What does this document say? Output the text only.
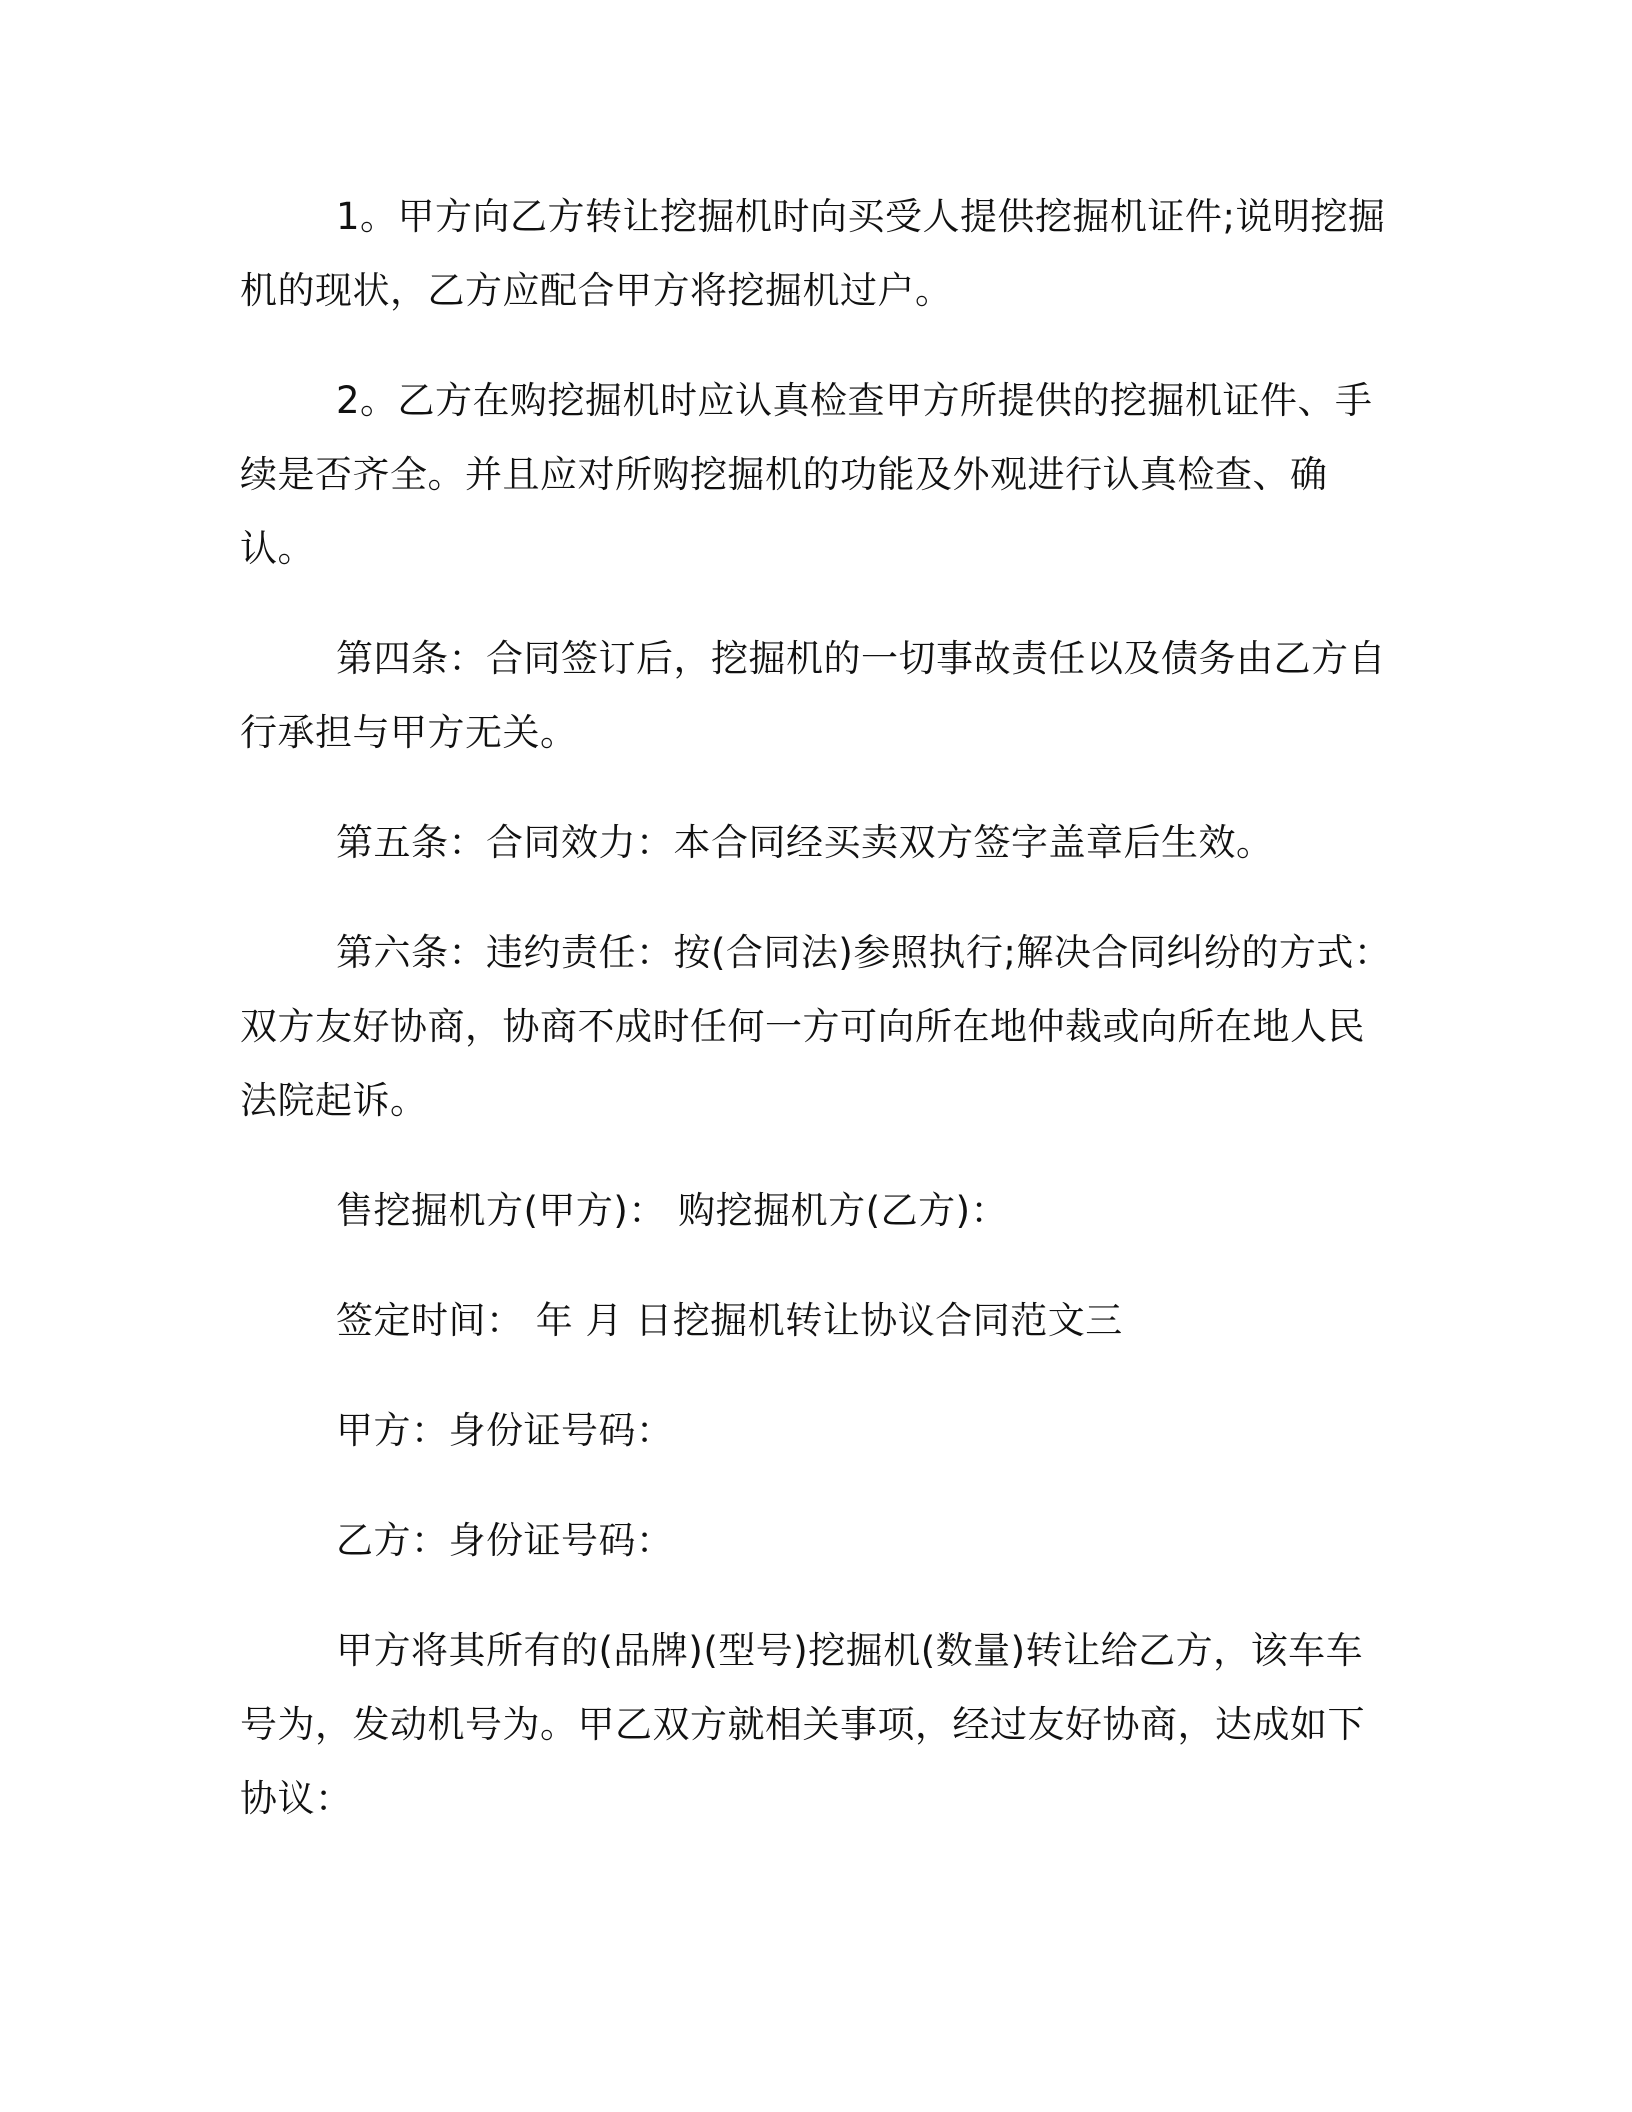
1。甲方向乙方转让挖掘机时向买受人提供挖掘机证件;说明挖掘机的现状，乙方应配合甲方将挖掘机过户。

2。乙方在购挖掘机时应认真检查甲方所提供的挖掘机证件、手续是否齐全。并且应对所购挖掘机的功能及外观进行认真检查、确认。

第四条：合同签订后，挖掘机的一切事故责任以及债务由乙方自行承担与甲方无关。

第五条：合同效力：本合同经买卖双方签字盖章后生效。

第六条：违约责任：按(合同法)参照执行;解决合同纠纷的方式：双方友好协商，协商不成时任何一方可向所在地仲裁或向所在地人民法院起诉。

售挖掘机方(甲方)： 购挖掘机方(乙方)：

签定时间： 年 月 日挖掘机转让协议合同范文三

甲方：身份证号码：

乙方：身份证号码：

甲方将其所有的(品牌)(型号)挖掘机(数量)转让给乙方，该车车号为，发动机号为。甲乙双方就相关事项，经过友好协商，达成如下协议：
